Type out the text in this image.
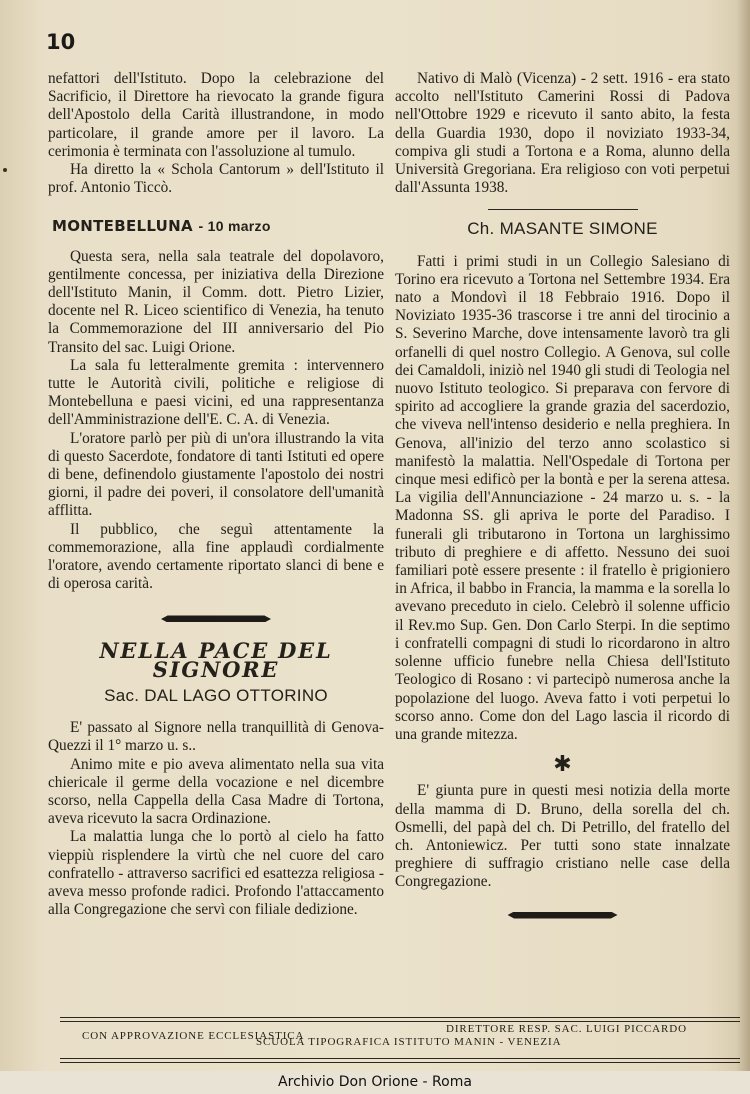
10

nefattori dell'Istituto. Dopo la celebrazione del Sacrificio, il Direttore ha rievocato la grande figura dell'Apostolo della Carità illustrandone, in modo particolare, il grande amore per il lavoro. La cerimonia è terminata con l'assoluzione al tumulo.

Ha diretto la « Schola Cantorum » dell'Istituto il prof. Antonio Ticcò.

MONTEBELLUNA - 10 marzo

Questa sera, nella sala teatrale del dopolavoro, gentilmente concessa, per iniziativa della Direzione dell'Istituto Manin, il Comm. dott. Pietro Lizier, docente nel R. Liceo scientifico di Venezia, ha tenuto la Commemorazione del III anniversario del Pio Transito del sac. Luigi Orione.

La sala fu letteralmente gremita : intervennero tutte le Autorità civili, politiche e religiose di Montebelluna e paesi vicini, ed una rappresentanza dell'Amministrazione dell'E. C. A. di Venezia.

L'oratore parlò per più di un'ora illustrando la vita di questo Sacerdote, fondatore di tanti Istituti ed opere di bene, definendolo giustamente l'apostolo dei nostri giorni, il padre dei poveri, il consolatore dell'umanità afflitta.

Il pubblico, che seguì attentamente la commemorazione, alla fine applaudì cordialmente l'oratore, avendo certamente riportato slanci di bene e di operosa carità.

NELLA PACE DEL SIGNORE
Sac. DAL LAGO OTTORINO

E' passato al Signore nella tranquillità di Genova-Quezzi il 1° marzo u. s..

Animo mite e pio aveva alimentato nella sua vita chiericale il germe della vocazione e nel dicembre scorso, nella Cappella della Casa Madre di Tortona, aveva ricevuto la sacra Ordinazione.

La malattia lunga che lo portò al cielo ha fatto vieppiù risplendere la virtù che nel cuore del caro confratello - attraverso sacrifici ed esattezza religiosa - aveva messo profonde radici. Profondo l'attaccamento alla Congregazione che servì con filiale dedizione.

Nativo di Malò (Vicenza) - 2 sett. 1916 - era stato accolto nell'Istituto Camerini Rossi di Padova nell'Ottobre 1929 e ricevuto il santo abito, la festa della Guardia 1930, dopo il noviziato 1933-34, compiva gli studi a Tortona e a Roma, alunno della Università Gregoriana. Era religioso con voti perpetui dall'Assunta 1938.

Ch. MASANTE SIMONE

Fatti i primi studi in un Collegio Salesiano di Torino era ricevuto a Tortona nel Settembre 1934. Era nato a Mondovì il 18 Febbraio 1916. Dopo il Noviziato 1935-36 trascorse i tre anni del tirocinio a S. Severino Marche, dove intensamente lavorò tra gli orfanelli di quel nostro Collegio. A Genova, sul colle dei Camaldoli, iniziò nel 1940 gli studi di Teologia nel nuovo Istituto teologico. Si preparava con fervore di spirito ad accogliere la grande grazia del sacerdozio, che viveva nell'intenso desiderio e nella preghiera. In Genova, all'inizio del terzo anno scolastico si manifestò la malattia. Nell'Ospedale di Tortona per cinque mesi edificò per la bontà e per la serena attesa. La vigilia dell'Annunciazione - 24 marzo u. s. - la Madonna SS. gli apriva le porte del Paradiso. I funerali gli tributarono in Tortona un larghissimo tributo di preghiere e di affetto. Nessuno dei suoi familiari potè essere presente : il fratello è prigioniero in Africa, il babbo in Francia, la mamma e la sorella lo avevano preceduto in cielo. Celebrò il solenne ufficio il Rev.mo Sup. Gen. Don Carlo Sterpi. In die septimo i confratelli compagni di studi lo ricordarono in altro solenne ufficio funebre nella Chiesa dell'Istituto Teologico di Rosano : vi partecipò numerosa anche la popolazione del luogo. Aveva fatto i voti perpetui lo scorso anno. Come don del Lago lascia il ricordo di una grande mitezza.

✱

E' giunta pure in questi mesi notizia della morte della mamma di D. Bruno, della sorella del ch. Osmelli, del papà del ch. Di Petrillo, del fratello del ch. Antoniewicz. Per tutti sono state innalzate preghiere di suffragio cristiano nelle case della Congregazione.

DIRETTORE RESP. SAC. LUIGI PICCARDO
CON APPROVAZIONE ECCLESIASTICA
SCUOLA TIPOGRAFICA ISTITUTO MANIN - VENEZIA
Archivio Don Orione - Roma
